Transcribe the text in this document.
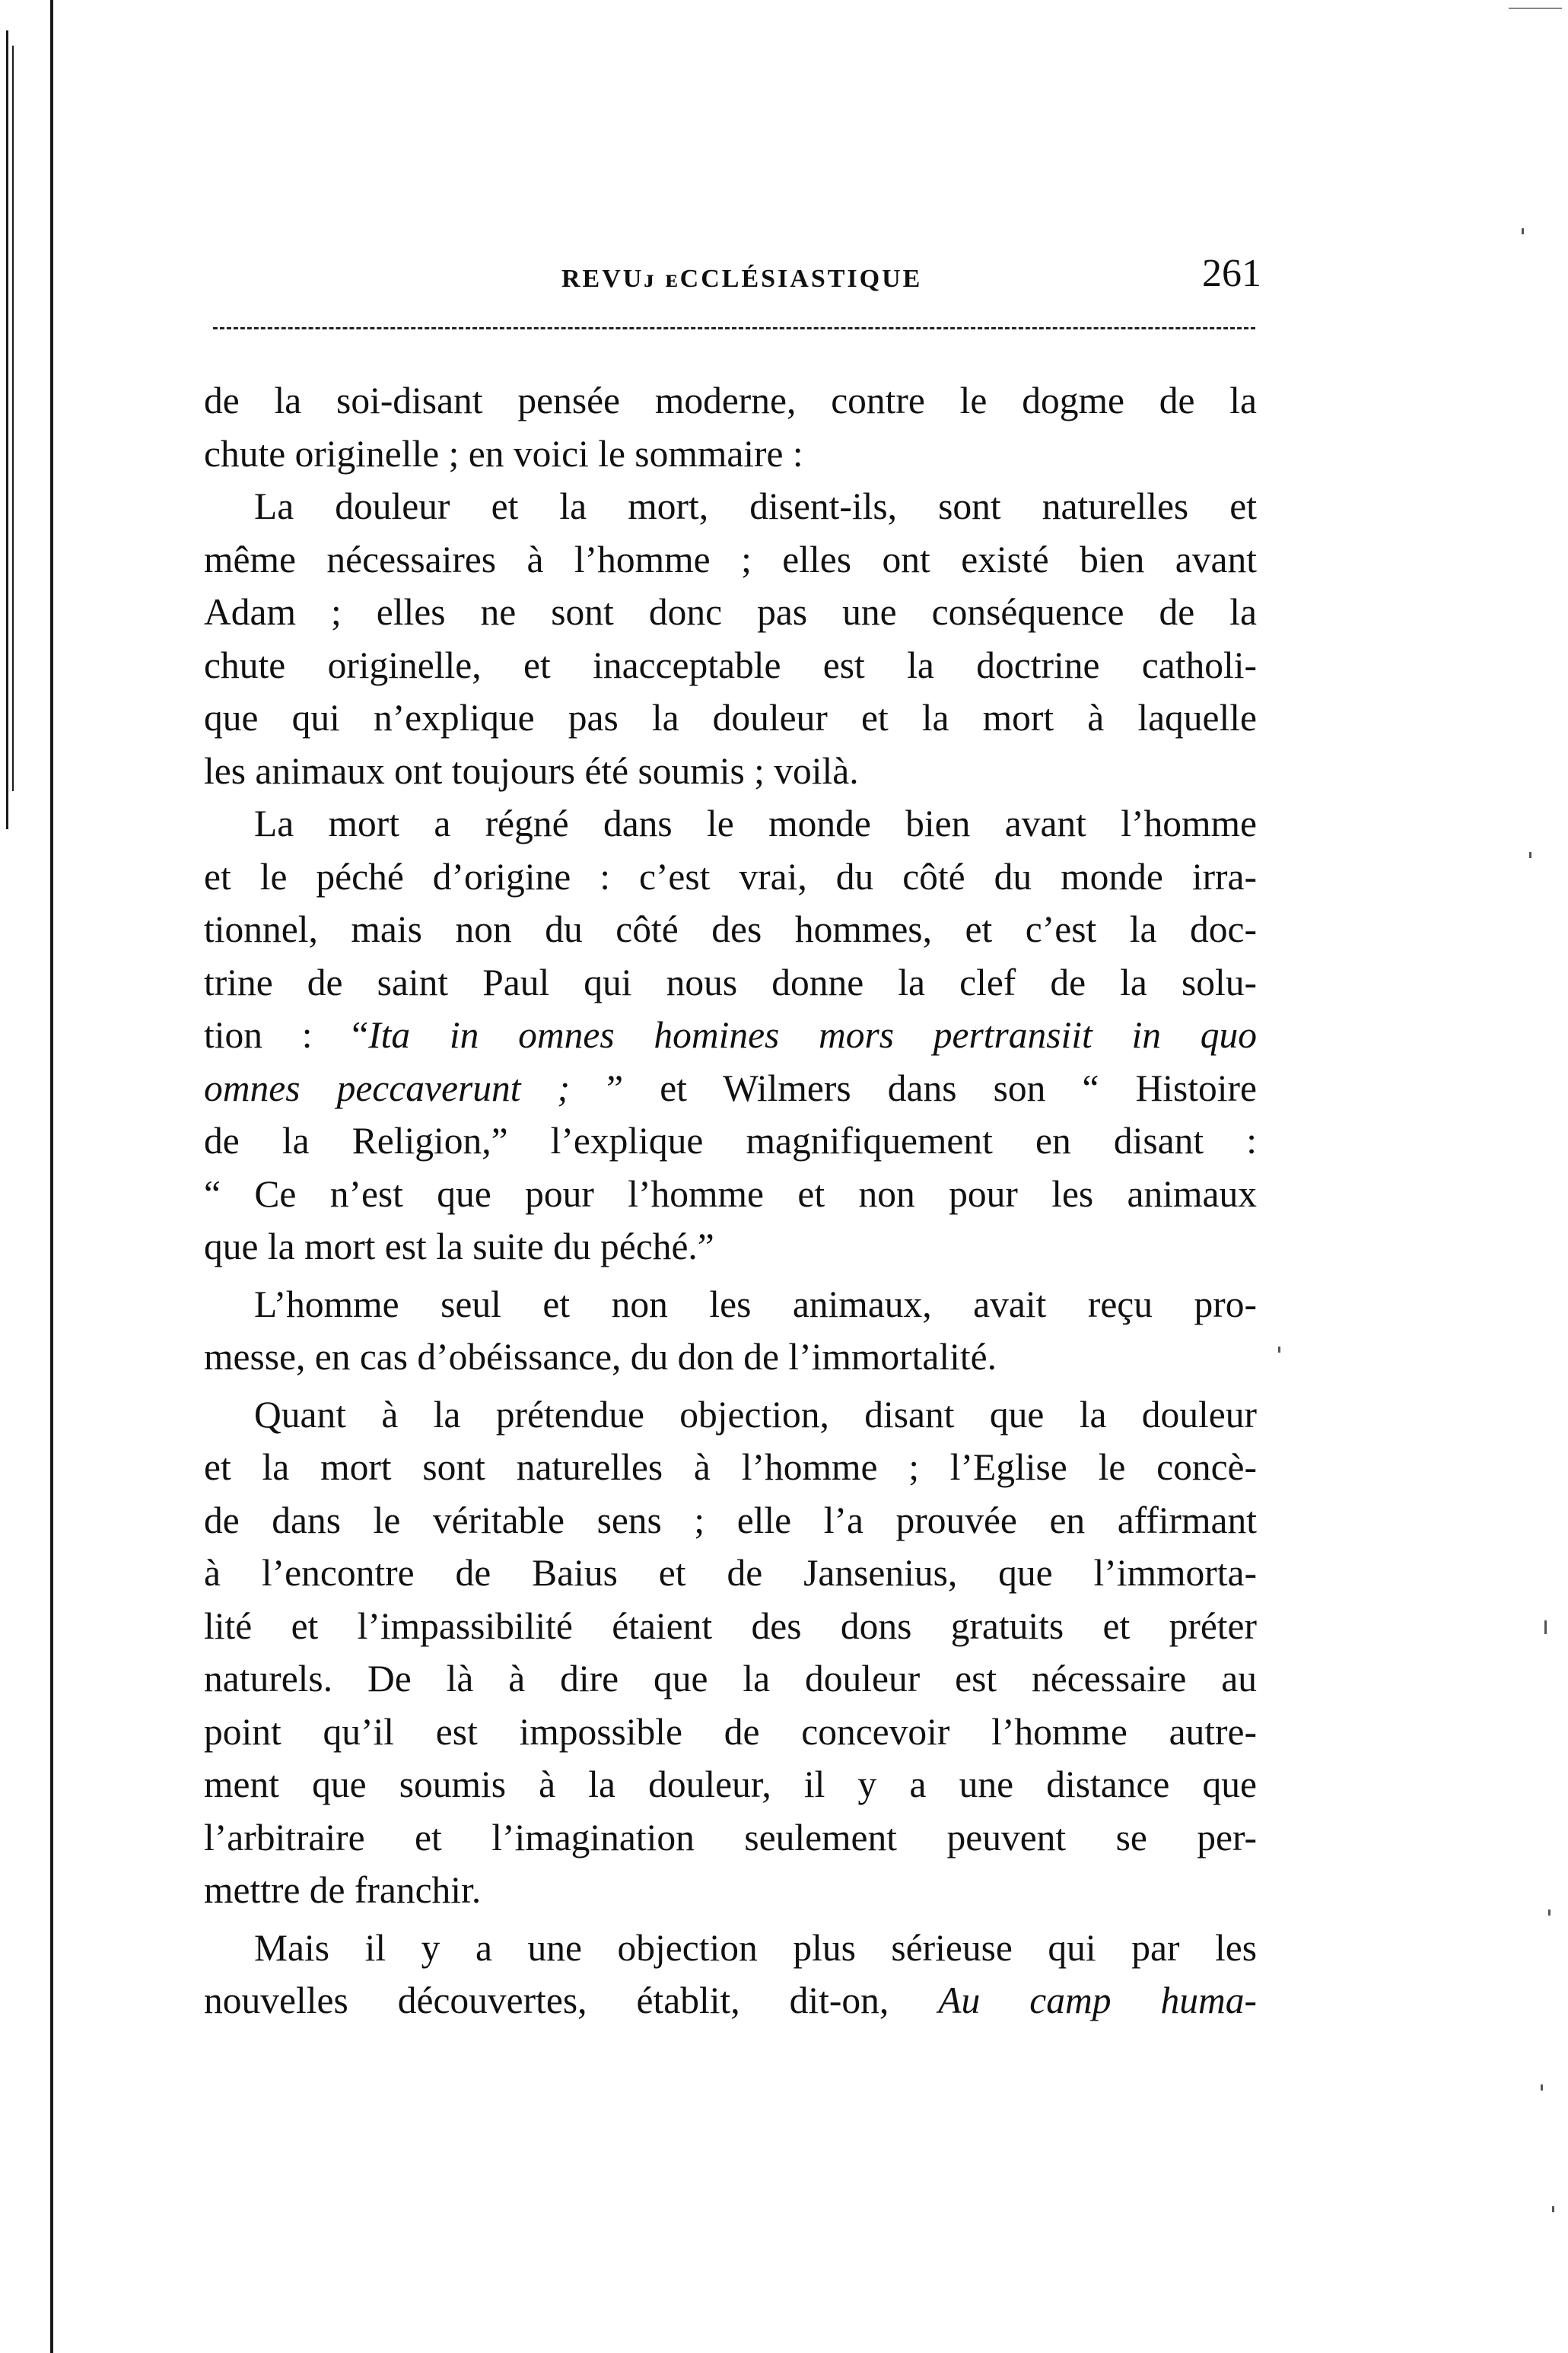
REVUᴊ ᴇCCLÉSIASTIQUE	261
de la soi-disant pensée moderne, contre le dogme de la
chute originelle ; en voici le sommaire :
La douleur et la mort, disent-ils, sont naturelles et
même nécessaires à l’homme ; elles ont existé bien avant
Adam ; elles ne sont donc pas une conséquence de la
chute originelle, et inacceptable est la doctrine catholi-
que qui n’explique pas la douleur et la mort à laquelle
les animaux ont toujours été soumis ; voilà.
La mort a régné dans le monde bien avant l’homme
et le péché d’origine : c’est vrai, du côté du monde irra-
tionnel, mais non du côté des hommes, et c’est la doc-
trine de saint Paul qui nous donne la clef de la solu-
tion : “Ita in omnes homines mors pertransiit in quo
omnes peccaverunt ; ” et Wilmers dans son “ Histoire
de la Religion,” l’explique magnifiquement en disant :
“ Ce n’est que pour l’homme et non pour les animaux
que la mort est la suite du péché.”
L’homme seul et non les animaux, avait reçu pro-
messe, en cas d’obéissance, du don de l’immortalité.
Quant à la prétendue objection, disant que la douleur
et la mort sont naturelles à l’homme ; l’Eglise le concè-
de dans le véritable sens ; elle l’a prouvée en affirmant
à l’encontre de Baius et de Jansenius, que l’immorta-
lité et l’impassibilité étaient des dons gratuits et préter
naturels. De là à dire que la douleur est nécessaire au
point qu’il est impossible de concevoir l’homme autre-
ment que soumis à la douleur, il y a une distance que
l’arbitraire et l’imagination seulement peuvent se per-
mettre de franchir.
Mais il y a une objection plus sérieuse qui par les
nouvelles découvertes, établit, dit-on, Au camp huma-
